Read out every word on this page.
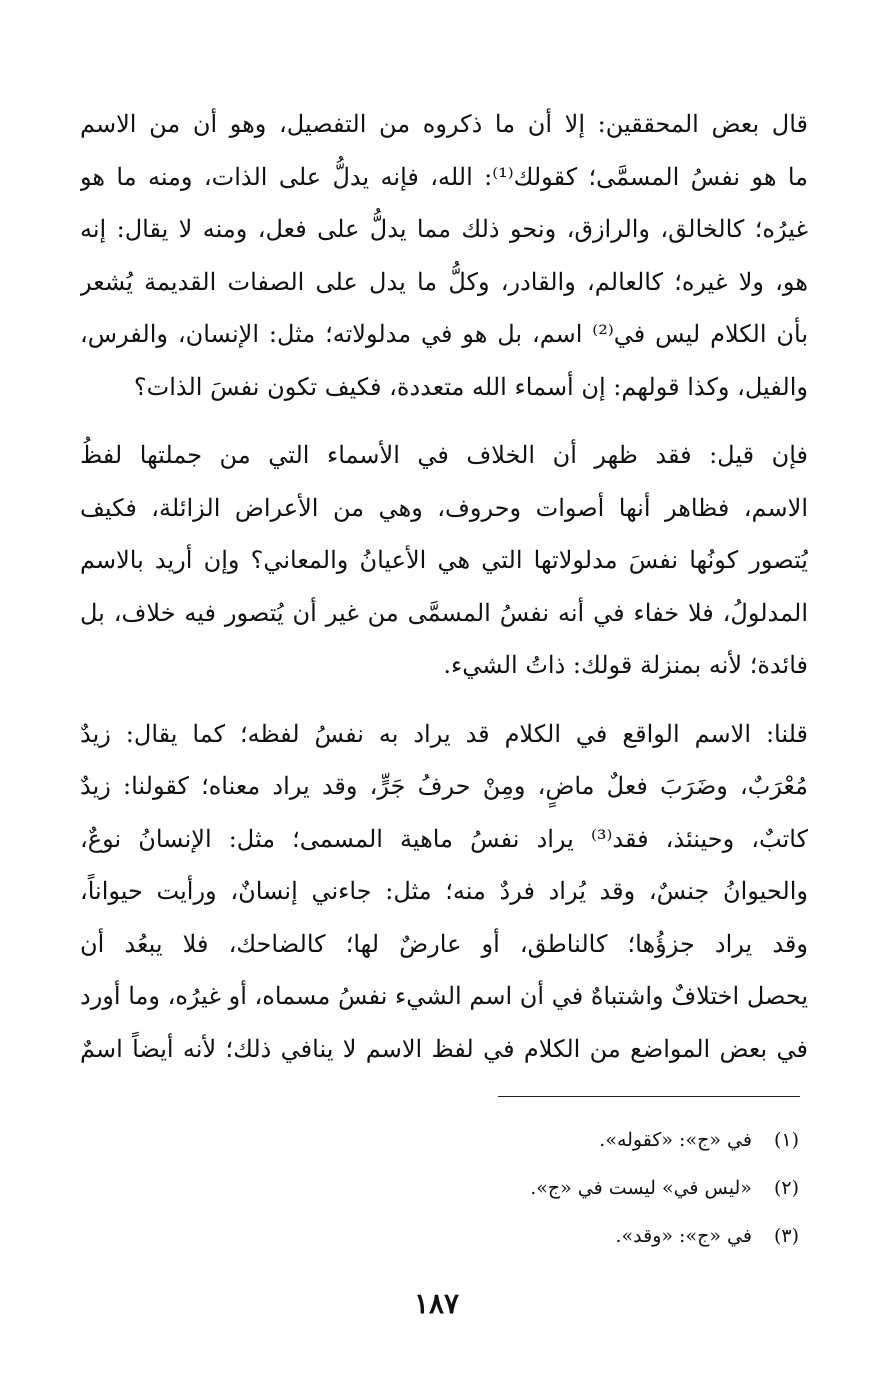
قال بعض المحققين: إلا أن ما ذكروه من التفصيل، وهو أن من الاسم
ما هو نفسُ المسمَّى؛ كقولك⁽¹⁾: الله، فإنه يدلُّ على الذات، ومنه ما هو
غيرُه؛ كالخالق، والرازق، ونحو ذلك مما يدلُّ على فعل، ومنه لا يقال: إنه
هو، ولا غيره؛ كالعالم، والقادر، وكلُّ ما يدل على الصفات القديمة يُشعر
بأن الكلام ليس في⁽²⁾ اسم، بل هو في مدلولاته؛ مثل: الإنسان، والفرس،
والفيل، وكذا قولهم: إن أسماء الله متعددة، فكيف تكون نفسَ الذات؟
فإن قيل: فقد ظهر أن الخلاف في الأسماء التي من جملتها لفظُ
الاسم، فظاهر أنها أصوات وحروف، وهي من الأعراض الزائلة، فكيف
يُتصور كونُها نفسَ مدلولاتها التي هي الأعيانُ والمعاني؟ وإن أريد بالاسم
المدلولُ، فلا خفاء في أنه نفسُ المسمَّى من غير أن يُتصور فيه خلاف، بل
فائدة؛ لأنه بمنزلة قولك: ذاتُ الشيء.
قلنا: الاسم الواقع في الكلام قد يراد به نفسُ لفظه؛ كما يقال: زيدٌ
مُعْرَبٌ، وضَرَبَ فعلٌ ماضٍ، ومِنْ حرفُ جَرٍّ، وقد يراد معناه؛ كقولنا: زيدٌ
كاتبٌ، وحينئذ، فقد⁽³⁾ يراد نفسُ ماهية المسمى؛ مثل: الإنسانُ نوعٌ،
والحيوانُ جنسٌ، وقد يُراد فردٌ منه؛ مثل: جاءني إنسانٌ، ورأيت حيواناً،
وقد يراد جزؤُها؛ كالناطق، أو عارضٌ لها؛ كالضاحك، فلا يبعُد أن
يحصل اختلافٌ واشتباهٌ في أن اسم الشيء نفسُ مسماه، أو غيرُه، وما أورد
في بعض المواضع من الكلام في لفظ الاسم لا ينافي ذلك؛ لأنه أيضاً اسمٌ
(١)في «ج»: «كقوله».
(٢)«ليس في» ليست في «ج».
(٣)في «ج»: «وقد».
١٨٧
